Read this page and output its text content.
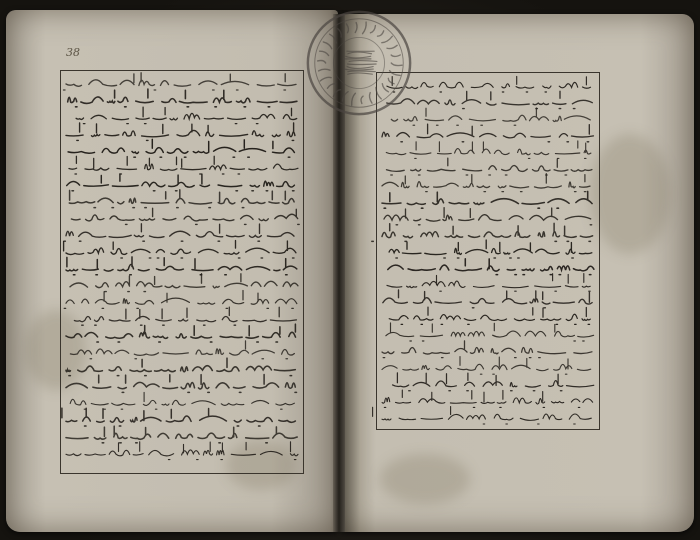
38
